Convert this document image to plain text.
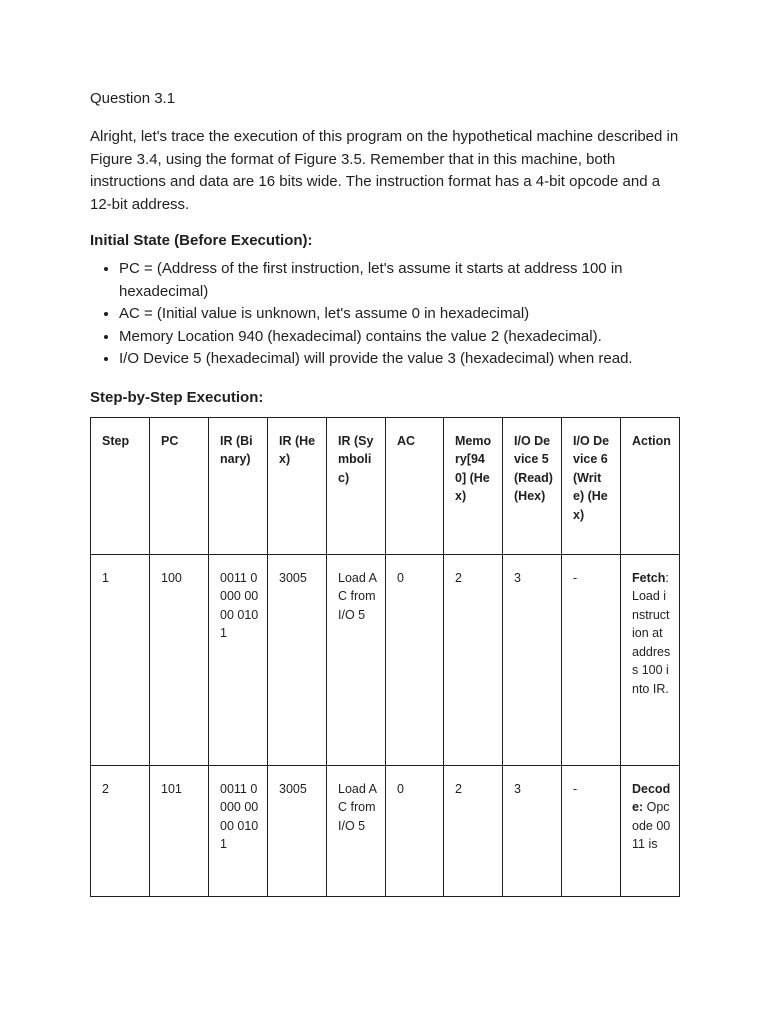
Question 3.1

Alright, let's trace the execution of this program on the hypothetical machine described in Figure 3.4, using the format of Figure 3.5. Remember that in this machine, both instructions and data are 16 bits wide. The instruction format has a 4-bit opcode and a 12-bit address.

Initial State (Before Execution):

• PC = (Address of the first instruction, let's assume it starts at address 100 in hexadecimal)
• AC = (Initial value is unknown, let's assume 0 in hexadecimal)
• Memory Location 940 (hexadecimal) contains the value 2 (hexadecimal).
• I/O Device 5 (hexadecimal) will provide the value 3 (hexadecimal) when read.

Step-by-Step Execution:

Step	PC	IR (Binary)	IR (Hex)	IR (Symbolic)	AC	Memory[940] (Hex)	I/O Device 5 (Read) (Hex)	I/O Device 6 (Write) (Hex)	Action
1	100	0011 0000 0000 0101	3005	Load AC from I/O 5	0	2	3	-	Fetch: Load instruction at address 100 into IR.
2	101	0011 0000 0000 0101	3005	Load AC from I/O 5	0	2	3	-	Decode: Opcode 0011 is
